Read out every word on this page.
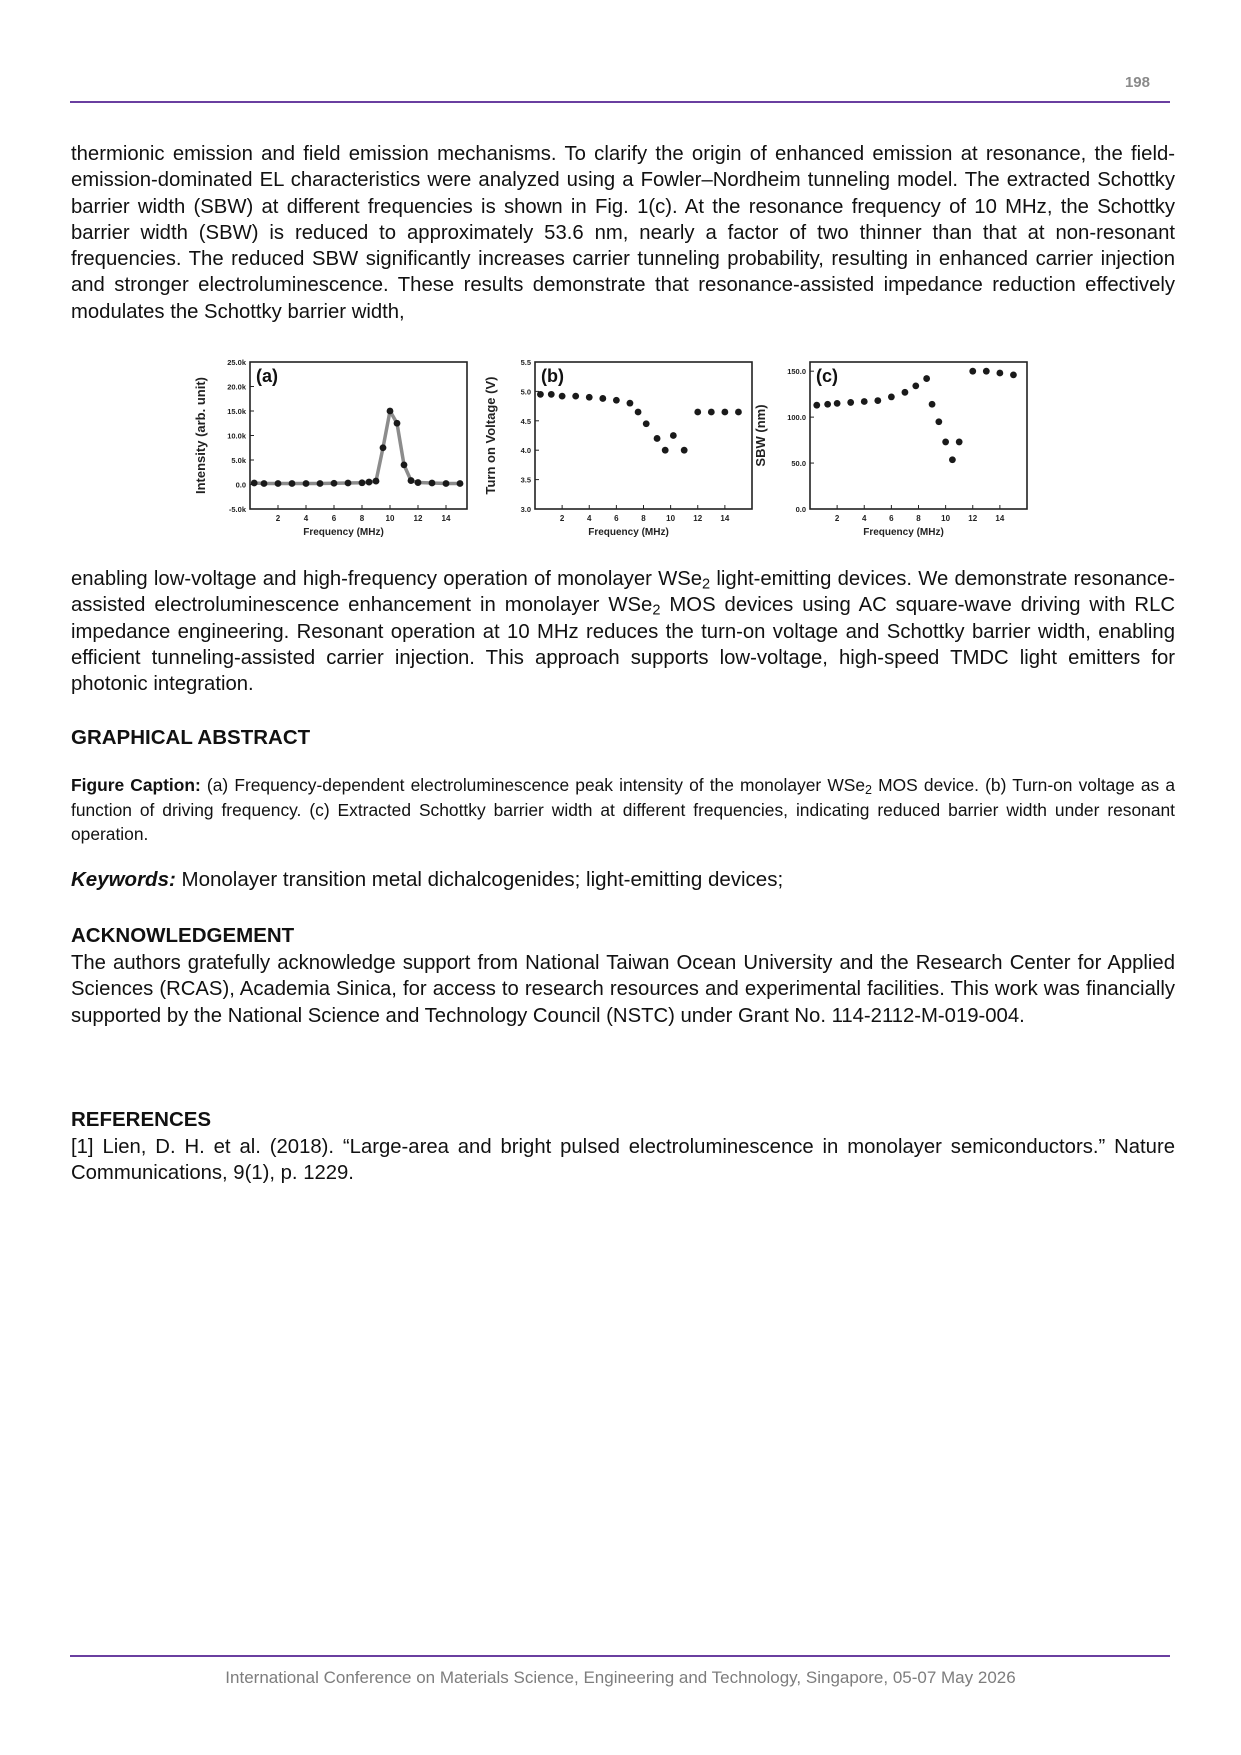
198

thermionic emission and field emission mechanisms. To clarify the origin of enhanced emission at resonance, the field-emission-dominated EL characteristics were analyzed using a Fowler–Nordheim tunneling model. The extracted Schottky barrier width (SBW) at different frequencies is shown in Fig. 1(c). At the resonance frequency of 10 MHz, the Schottky barrier width (SBW) is reduced to approximately 53.6 nm, nearly a factor of two thinner than that at non-resonant frequencies. The reduced SBW significantly increases carrier tunneling probability, resulting in enhanced carrier injection and stronger electroluminescence. These results demonstrate that resonance-assisted impedance reduction effectively modulates the Schottky barrier width,

2	4	6	8	10 12 14
-5.0k
0.0
5.0k
10.0k
15.0k
20.0k
25.0k
Frequency (MHz)
Intensity (arb. unit)
(a)
2	4	6	8	10 12 14
3.0
3.5
4.0
4.5
5.0
5.5
Frequency (MHz)
Turn on Voltage (V)
(b)
2	4	6	8	10 12 14
0.0
50.0
100.0
150.0
Frequency (MHz)
SBW (nm)
(c)

enabling low-voltage and high-frequency operation of monolayer WSe$_2$ light-emitting devices. We demonstrate resonance-assisted electroluminescence enhancement in monolayer WSe$_2$ MOS devices using AC square-wave driving with RLC impedance engineering. Resonant operation at 10 MHz reduces the turn-on voltage and Schottky barrier width, enabling efficient tunneling-assisted carrier injection. This approach supports low-voltage, high-speed TMDC light emitters for photonic integration.

GRAPHICAL ABSTRACT

Figure Caption: (a) Frequency-dependent electroluminescence peak intensity of the monolayer WSe$_2$ MOS device. (b) Turn-on voltage as a function of driving frequency. (c) Extracted Schottky barrier width at different frequencies, indicating reduced barrier width under resonant operation.

Keywords: Monolayer transition metal dichalcogenides; light-emitting devices;

ACKNOWLEDGEMENT

The authors gratefully acknowledge support from National Taiwan Ocean University and the Research Center for Applied Sciences (RCAS), Academia Sinica, for access to research resources and experimental facilities. This work was financially supported by the National Science and Technology Council (NSTC) under Grant No. 114-2112-M-019-004.

REFERENCES

[1] Lien, D. H. et al. (2018). “Large-area and bright pulsed electroluminescence in monolayer semiconductors.” Nature Communications, 9(1), p. 1229.

International Conference on Materials Science, Engineering and Technology, Singapore, 05-07 May 2026
